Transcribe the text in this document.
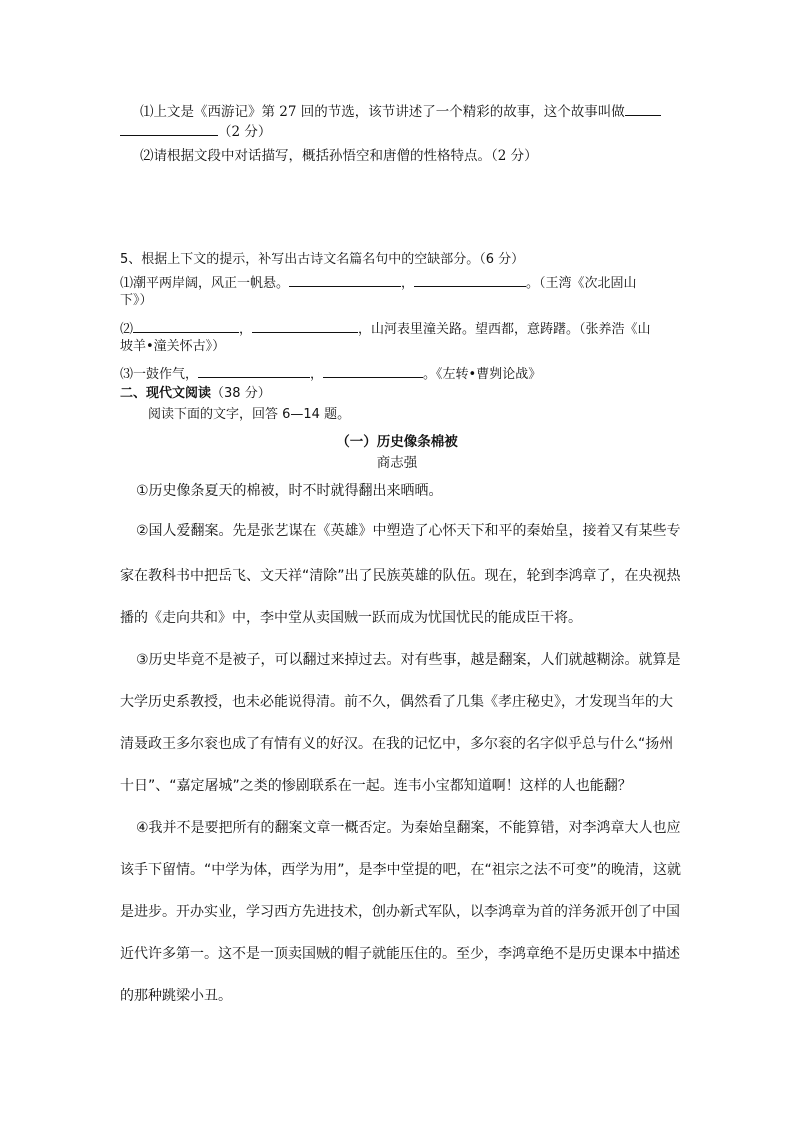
⑴上文是《西游记》第 27 回的节选，该节讲述了一个精彩的故事，这个故事叫做
（2 分）
⑵请根据文段中对话描写，概括孙悟空和唐僧的性格特点。（2 分）
5、根据上下文的提示，补写出古诗文名篇名句中的空缺部分。（6 分）
⑴潮平两岸阔，风正一帆悬。	，	。（王湾《次北固山
下》）
⑵	，	，山河表里潼关路。望西都，意踌躇。（张养浩《山
坡羊•潼关怀古》）
⑶一鼓作气，	，	。《左转•曹刿论战》
二、现代文阅读（38 分）
阅读下面的文字，回答 6—14 题。
（一）历史像条棉被
商志强
①历史像条夏天的棉被，时不时就得翻出来晒晒。
②国人爱翻案。先是张艺谋在《英雄》中塑造了心怀天下和平的秦始皇，接着又有某些专
家在教科书中把岳飞、文天祥“清除”出了民族英雄的队伍。现在，轮到李鸿章了，在央视热
播的《走向共和》中，李中堂从卖国贼一跃而成为忧国忧民的能成臣干将。
③历史毕竟不是被子，可以翻过来掉过去。对有些事，越是翻案，人们就越糊涂。就算是
大学历史系教授，也未必能说得清。前不久，偶然看了几集《孝庄秘史》，才发现当年的大
清聂政王多尔衮也成了有情有义的好汉。在我的记忆中，多尔衮的名字似乎总与什么“扬州
十日”、“嘉定屠城”之类的惨剧联系在一起。连韦小宝都知道啊！这样的人也能翻？
④我并不是要把所有的翻案文章一概否定。为秦始皇翻案，不能算错，对李鸿章大人也应
该手下留情。“中学为体，西学为用”，是李中堂提的吧，在“祖宗之法不可变”的晚清，这就
是进步。开办实业，学习西方先进技术，创办新式军队，以李鸿章为首的洋务派开创了中国
近代许多第一。这不是一顶卖国贼的帽子就能压住的。至少，李鸿章绝不是历史课本中描述
的那种跳梁小丑。
